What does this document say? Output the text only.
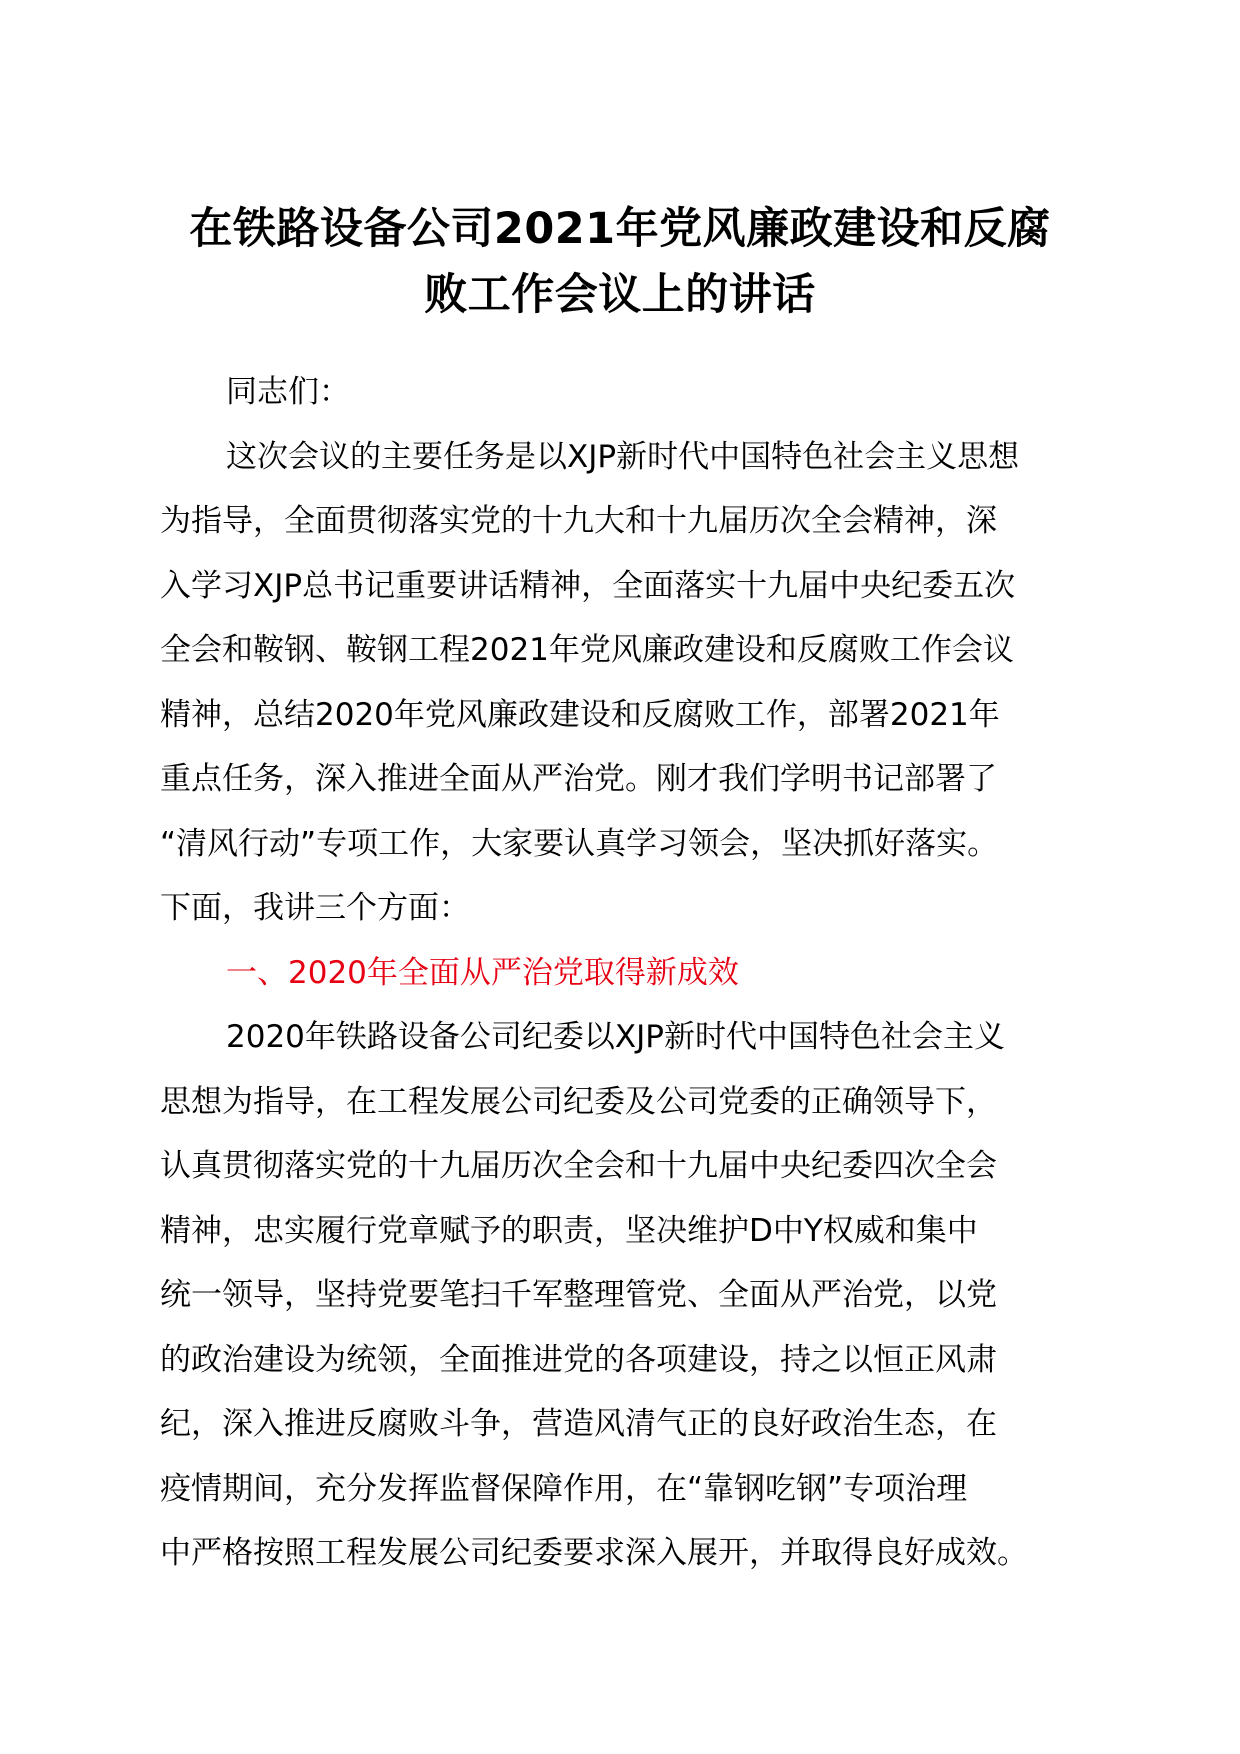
在铁路设备公司2021年党风廉政建设和反腐
败工作会议上的讲话
同志们：
这次会议的主要任务是以XJP新时代中国特色社会主义思想
为指导，全面贯彻落实党的十九大和十九届历次全会精神，深
入学习XJP总书记重要讲话精神，全面落实十九届中央纪委五次
全会和鞍钢、鞍钢工程2021年党风廉政建设和反腐败工作会议
精神，总结2020年党风廉政建设和反腐败工作，部署2021年
重点任务，深入推进全面从严治党。刚才我们学明书记部署了
“清风行动”专项工作，大家要认真学习领会，坚决抓好落实。
下面，我讲三个方面：
一、2020年全面从严治党取得新成效
2020年铁路设备公司纪委以XJP新时代中国特色社会主义
思想为指导，在工程发展公司纪委及公司党委的正确领导下，
认真贯彻落实党的十九届历次全会和十九届中央纪委四次全会
精神，忠实履行党章赋予的职责，坚决维护D中Y权威和集中
统一领导，坚持党要笔扫千军整理管党、全面从严治党，以党
的政治建设为统领，全面推进党的各项建设，持之以恒正风肃
纪，深入推进反腐败斗争，营造风清气正的良好政治生态，在
疫情期间，充分发挥监督保障作用，在“靠钢吃钢”专项治理
中严格按照工程发展公司纪委要求深入展开，并取得良好成效。
